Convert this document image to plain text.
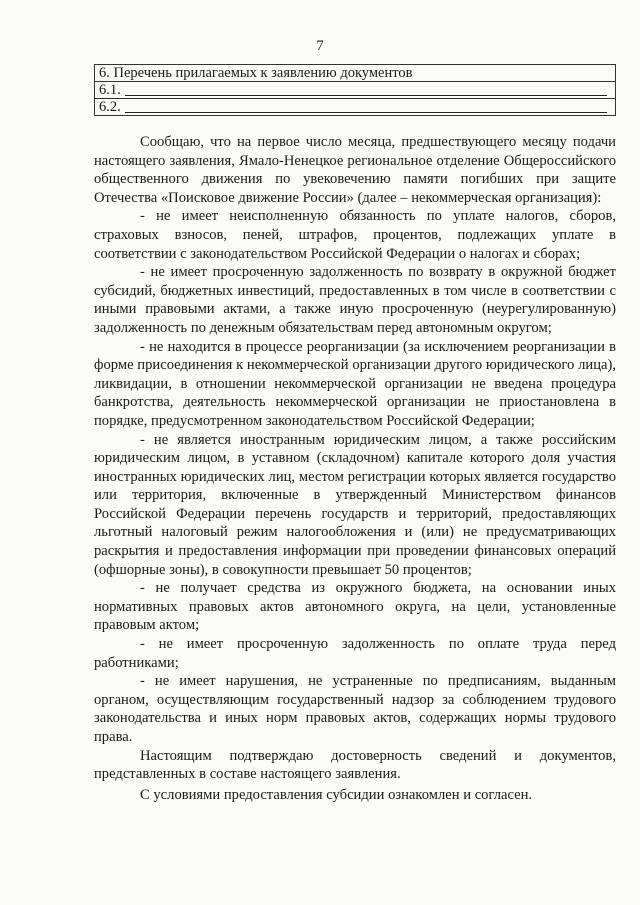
7
6. Перечень прилагаемых к заявлению документов
6.1.
6.2.

Сообщаю, что на первое число месяца, предшествующего месяцу подачи настоящего заявления, Ямало-Ненецкое региональное отделение Общероссийского общественного движения по увековечению памяти погибших при защите Отечества «Поисковое движение России» (далее – некоммерческая организация):

- не имеет неисполненную обязанность по уплате налогов, сборов, страховых взносов, пеней, штрафов, процентов, подлежащих уплате в соответствии с законодательством Российской Федерации о налогах и сборах;

- не имеет просроченную задолженность по возврату в окружной бюджет субсидий, бюджетных инвестиций, предоставленных в том числе в соответствии с иными правовыми актами, а также иную просроченную (неурегулированную) задолженность по денежным обязательствам перед автономным округом;

- не находится в процессе реорганизации (за исключением реорганизации в форме присоединения к некоммерческой организации другого юридического лица), ликвидации, в отношении некоммерческой организации не введена процедура банкротства, деятельность некоммерческой организации не приостановлена в порядке, предусмотренном законодательством Российской Федерации;

- не является иностранным юридическим лицом, а также российским юридическим лицом, в уставном (складочном) капитале которого доля участия иностранных юридических лиц, местом регистрации которых является государство или территория, включенные в утвержденный Министерством финансов Российской Федерации перечень государств и территорий, предоставляющих льготный налоговый режим налогообложения и (или) не предусматривающих раскрытия и предоставления информации при проведении финансовых операций (офшорные зоны), в совокупности превышает 50 процентов;

- не получает средства из окружного бюджета, на основании иных нормативных правовых актов автономного округа, на цели, установленные правовым актом;

- не имеет просроченную задолженность по оплате труда перед работниками;

- не имеет нарушения, не устраненные по предписаниям, выданным органом, осуществляющим государственный надзор за соблюдением трудового законодательства и иных норм правовых актов, содержащих нормы трудового права.

Настоящим подтверждаю достоверность сведений и документов, представленных в составе настоящего заявления.

С условиями предоставления субсидии ознакомлен и согласен.
